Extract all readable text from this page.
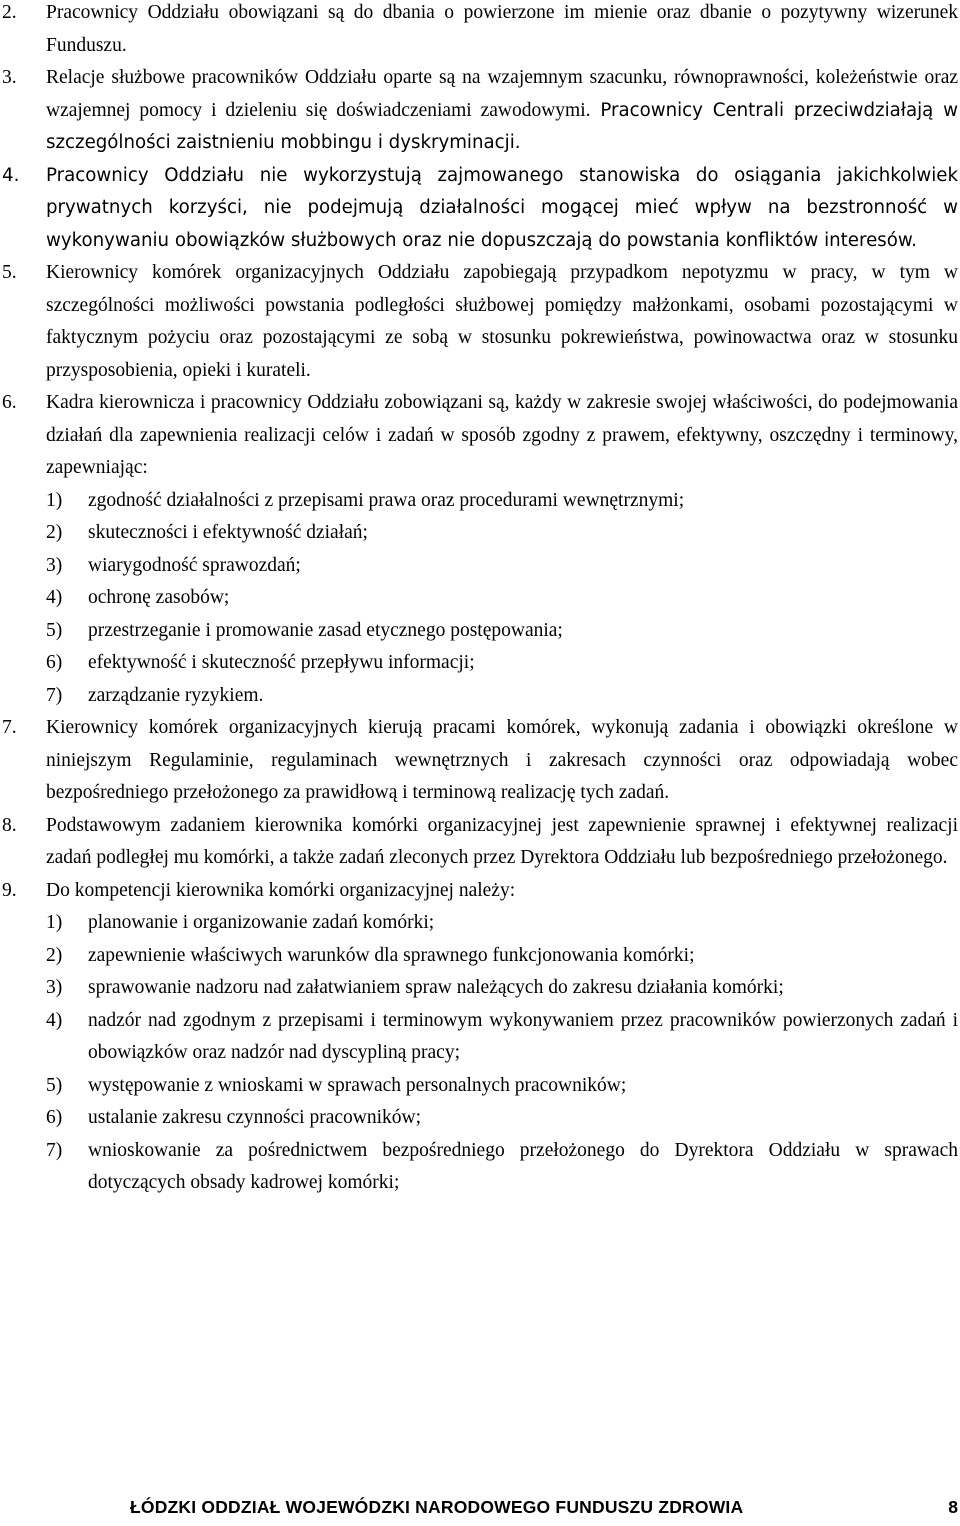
2. Pracownicy Oddziału obowiązani są do dbania o powierzone im mienie oraz dbanie o pozytywny wizerunek Funduszu.
3. Relacje służbowe pracowników Oddziału oparte są na wzajemnym szacunku, równoprawności, koleżeństwie oraz wzajemnej pomocy i dzieleniu się doświadczeniami zawodowymi. Pracownicy Centrali przeciwdziałają w szczególności zaistnieniu mobbingu i dyskryminacji.
4. Pracownicy Oddziału nie wykorzystują zajmowanego stanowiska do osiągania jakichkolwiek prywatnych korzyści, nie podejmują działalności mogącej mieć wpływ na bezstronność w wykonywaniu obowiązków służbowych oraz nie dopuszczają do powstania konfliktów interesów.
5. Kierownicy komórek organizacyjnych Oddziału zapobiegają przypadkom nepotyzmu w pracy, w tym w szczególności możliwości powstania podległości służbowej pomiędzy małżonkami, osobami pozostającymi w faktycznym pożyciu oraz pozostającymi ze sobą w stosunku pokrewieństwa, powinowactwa oraz w stosunku przysposobienia, opieki i kurateli.
6. Kadra kierownicza i pracownicy Oddziału zobowiązani są, każdy w zakresie swojej właściwości, do podejmowania działań dla zapewnienia realizacji celów i zadań w sposób zgodny z prawem, efektywny, oszczędny i terminowy, zapewniając:
1) zgodność działalności z przepisami prawa oraz procedurami wewnętrznymi;
2) skuteczności i efektywność działań;
3) wiarygodność sprawozdań;
4) ochronę zasobów;
5) przestrzeganie i promowanie zasad etycznego postępowania;
6) efektywność i skuteczność przepływu informacji;
7) zarządzanie ryzykiem.
7. Kierownicy komórek organizacyjnych kierują pracami komórek, wykonują zadania i obowiązki określone w niniejszym Regulaminie, regulaminach wewnętrznych i zakresach czynności oraz odpowiadają wobec bezpośredniego przełożonego za prawidłową i terminową realizację tych zadań.
8. Podstawowym zadaniem kierownika komórki organizacyjnej jest zapewnienie sprawnej i efektywnej realizacji zadań podległej mu komórki, a także zadań zleconych przez Dyrektora Oddziału lub bezpośredniego przełożonego.
9. Do kompetencji kierownika komórki organizacyjnej należy:
1) planowanie i organizowanie zadań komórki;
2) zapewnienie właściwych warunków dla sprawnego funkcjonowania komórki;
3) sprawowanie nadzoru nad załatwianiem spraw należących do zakresu działania komórki;
4) nadzór nad zgodnym z przepisami i terminowym wykonywaniem przez pracowników powierzonych zadań i obowiązków oraz nadzór nad dyscypliną pracy;
5) występowanie z wnioskami w sprawach personalnych pracowników;
6) ustalanie zakresu czynności pracowników;
7) wnioskowanie za pośrednictwem bezpośredniego przełożonego do Dyrektora Oddziału w sprawach dotyczących obsady kadrowej komórki;
ŁÓDZKI ODDZIAŁ WOJEWÓDZKI NARODOWEGO FUNDUSZU ZDROWIA	8
